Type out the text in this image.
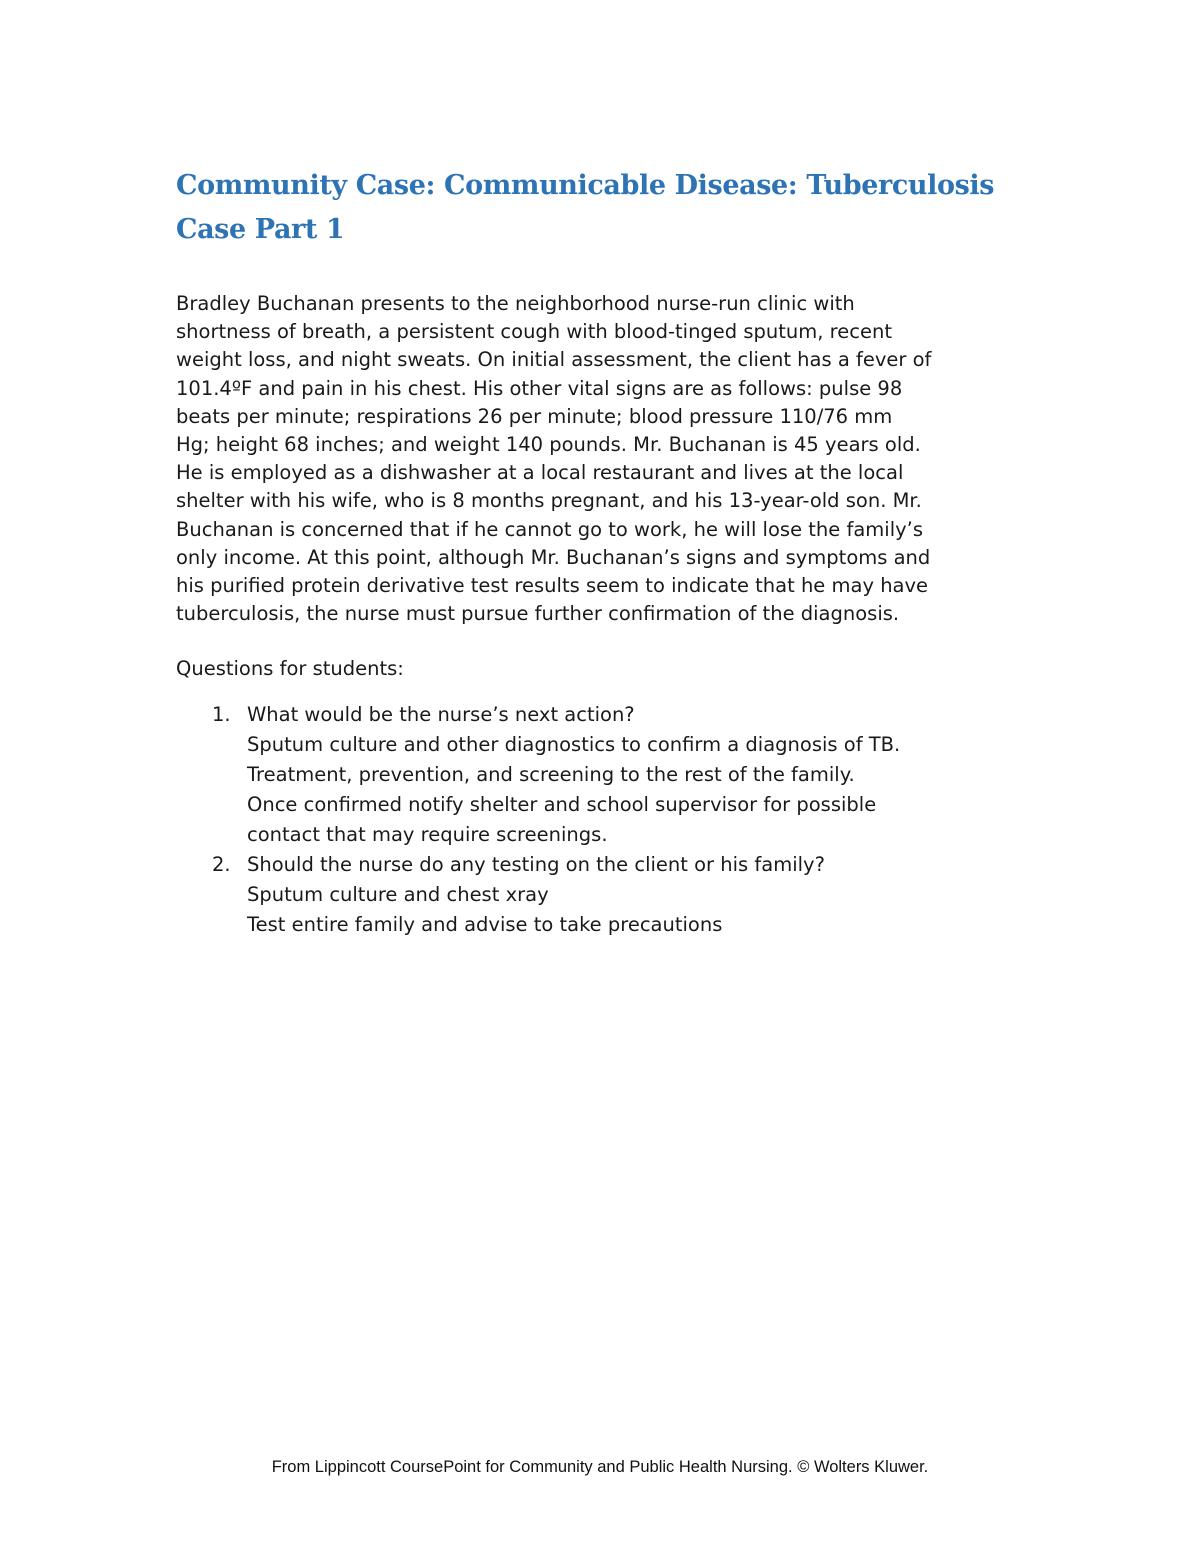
Community Case: Communicable Disease: Tuberculosis
Case Part 1

Bradley Buchanan presents to the neighborhood nurse-run clinic with
shortness of breath, a persistent cough with blood-tinged sputum, recent
weight loss, and night sweats. On initial assessment, the client has a fever of
101.4ºF and pain in his chest. His other vital signs are as follows: pulse 98
beats per minute; respirations 26 per minute; blood pressure 110/76 mm
Hg; height 68 inches; and weight 140 pounds. Mr. Buchanan is 45 years old.
He is employed as a dishwasher at a local restaurant and lives at the local
shelter with his wife, who is 8 months pregnant, and his 13-year-old son. Mr.
Buchanan is concerned that if he cannot go to work, he will lose the family’s
only income. At this point, although Mr. Buchanan’s signs and symptoms and
his purified protein derivative test results seem to indicate that he may have
tuberculosis, the nurse must pursue further confirmation of the diagnosis.

Questions for students:

1. What would be the nurse’s next action?
Sputum culture and other diagnostics to confirm a diagnosis of TB.
Treatment, prevention, and screening to the rest of the family.
Once confirmed notify shelter and school supervisor for possible
contact that may require screenings.
2. Should the nurse do any testing on the client or his family?
Sputum culture and chest xray
Test entire family and advise to take precautions
From Lippincott CoursePoint for Community and Public Health Nursing. © Wolters Kluwer.
